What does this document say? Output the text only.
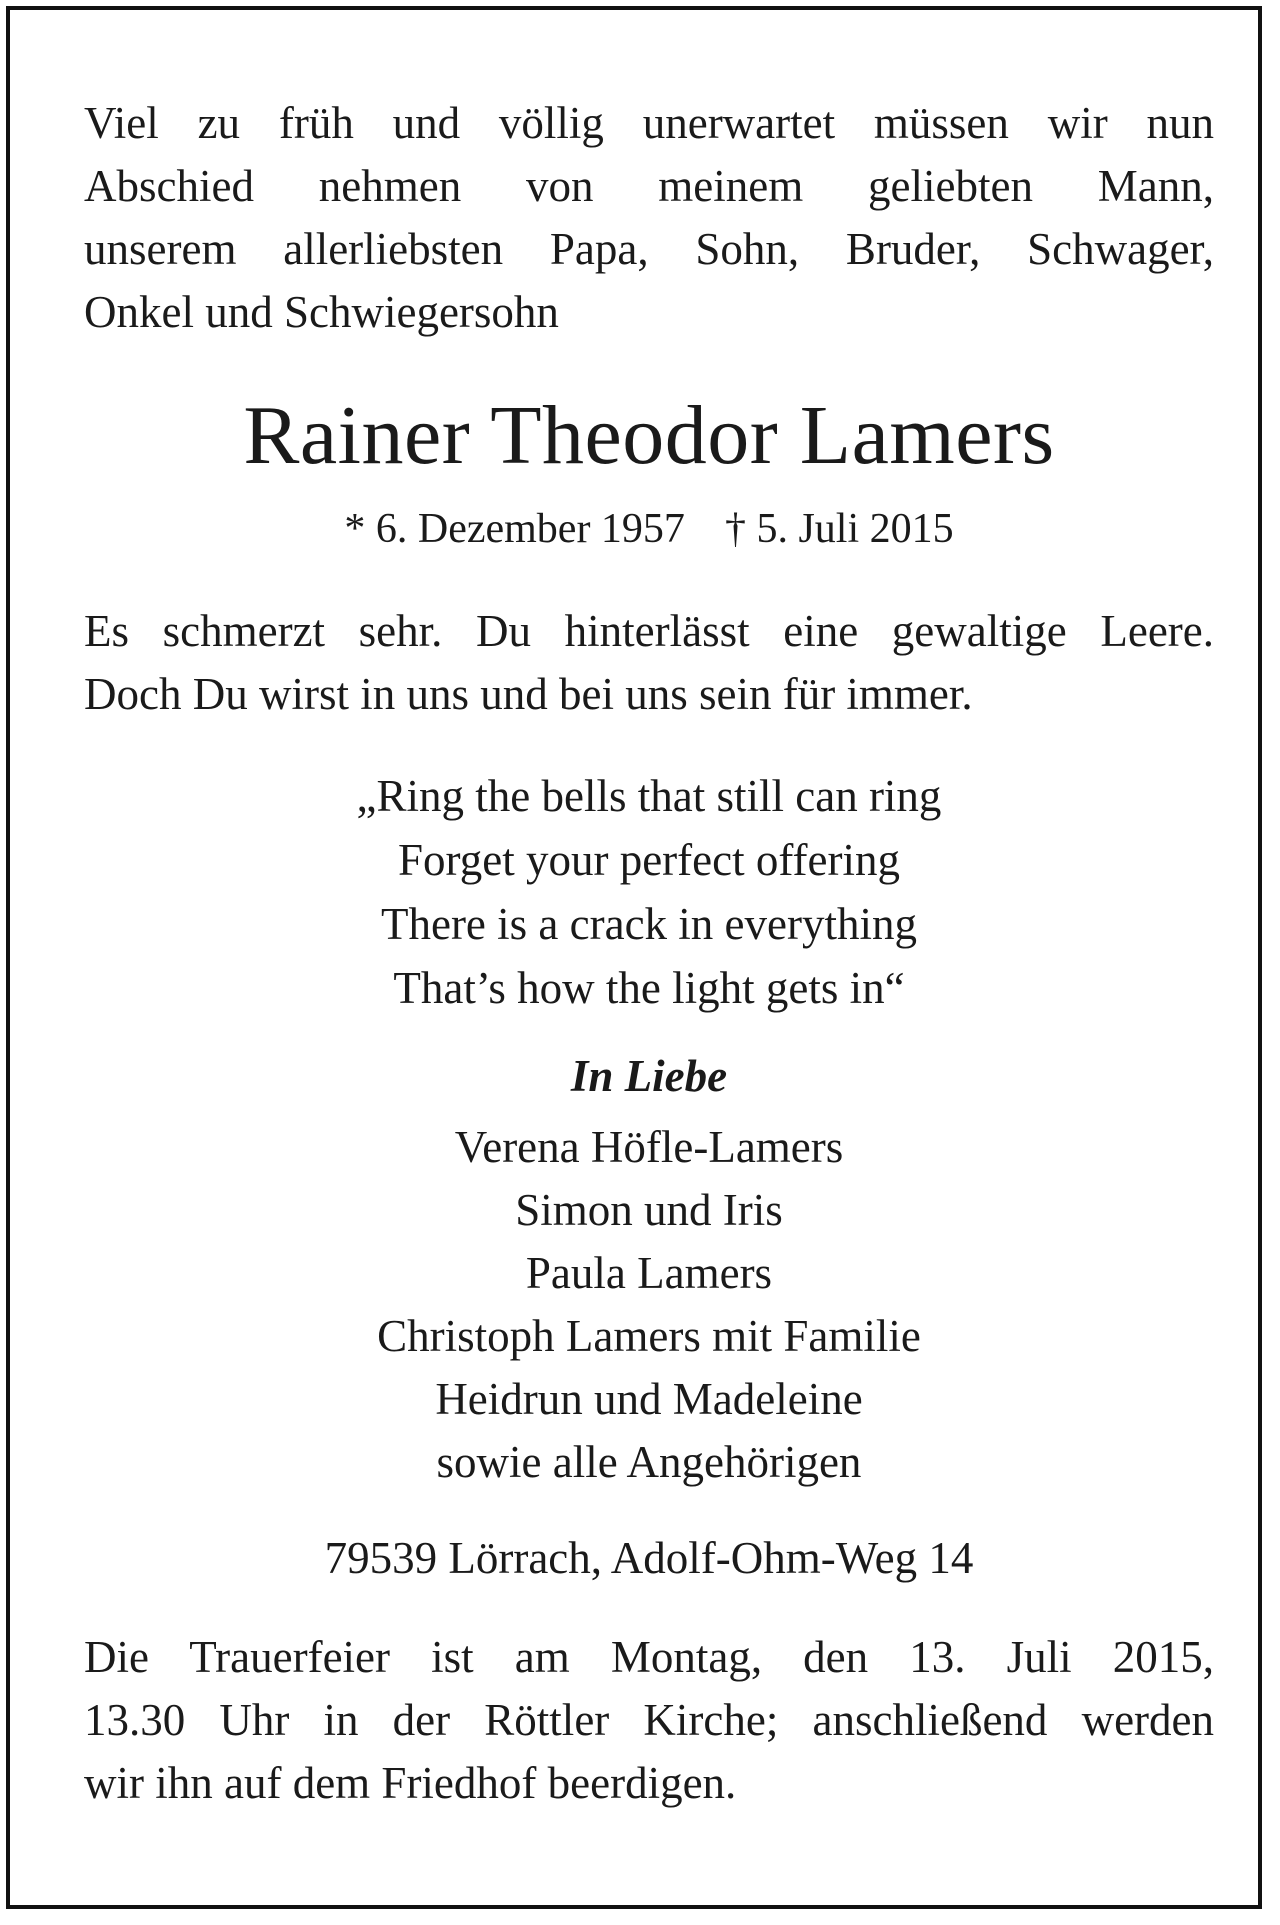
Viel zu früh und völlig unerwartet müssen wir nun
Abschied nehmen von meinem geliebten Mann,
unserem allerliebsten Papa, Sohn, Bruder, Schwager,
Onkel und Schwiegersohn

Rainer Theodor Lamers
* 6. Dezember 1957 † 5. Juli 2015

Es schmerzt sehr. Du hinterlässt eine gewaltige Leere.
Doch Du wirst in uns und bei uns sein für immer.

„Ring the bells that still can ring
Forget your perfect offering
There is a crack in everything
That’s how the light gets in“
In Liebe
Verena Höfle-Lamers
Simon und Iris
Paula Lamers
Christoph Lamers mit Familie
Heidrun und Madeleine
sowie alle Angehörigen
79539 Lörrach, Adolf-Ohm-Weg 14

Die Trauerfeier ist am Montag, den 13. Juli 2015,
13.30 Uhr in der Röttler Kirche; anschließend werden
wir ihn auf dem Friedhof beerdigen.
